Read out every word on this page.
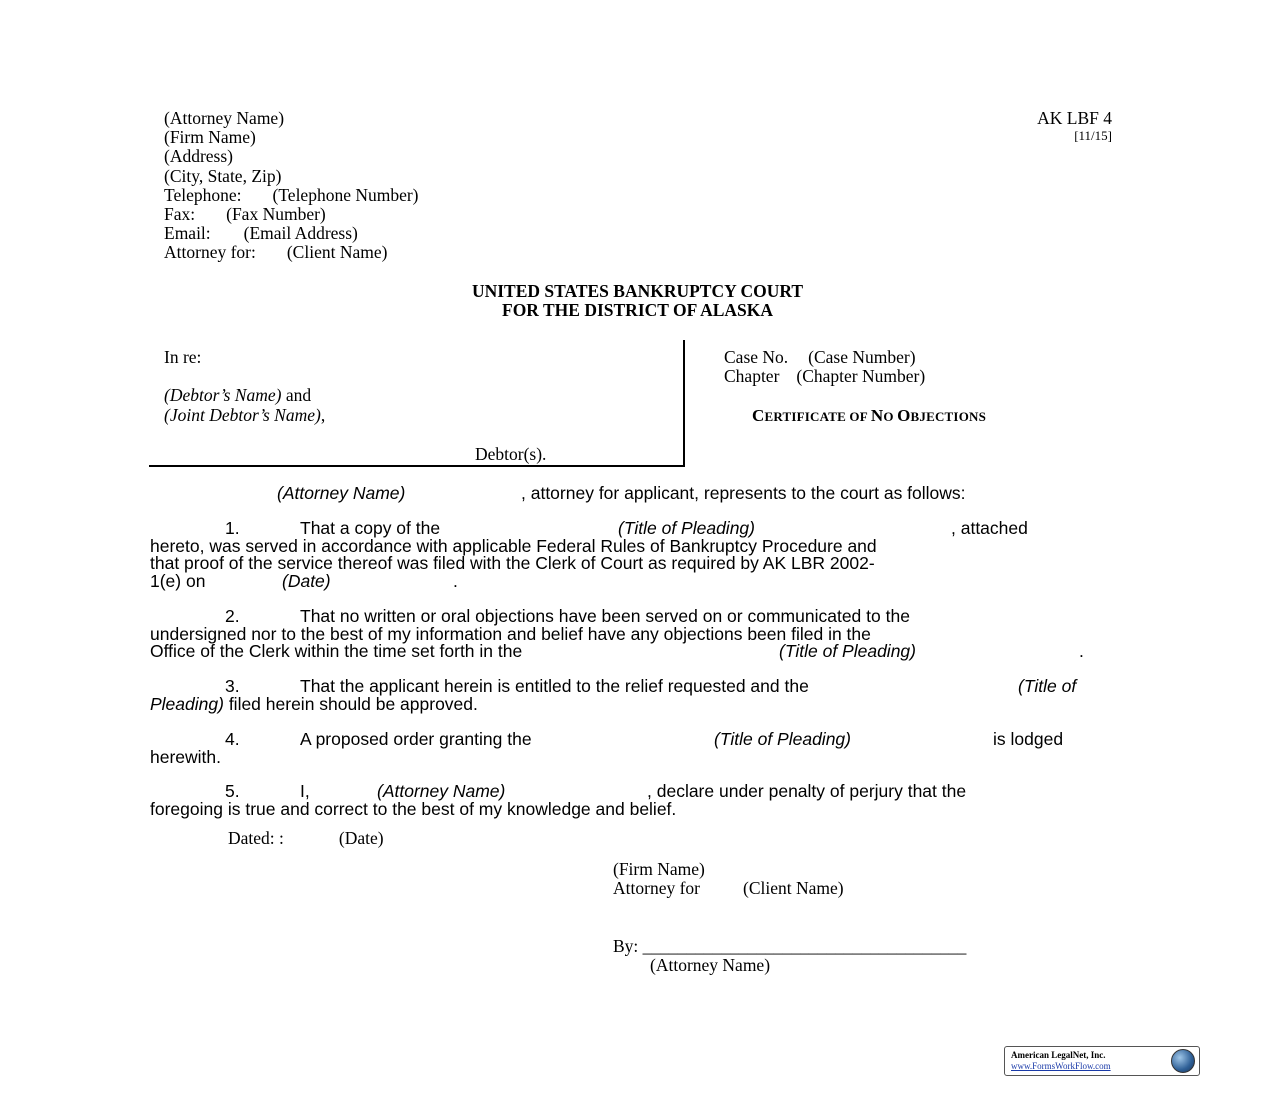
(Attorney Name)
(Firm Name)
(Address)
(City, State, Zip)
Telephone: (Telephone Number)
Fax: (Fax Number)
Email: (Email Address)
Attorney for: (Client Name)
AK LBF 4
[11/15]
UNITED STATES BANKRUPTCY COURT
FOR THE DISTRICT OF ALASKA
In re:
(Debtor’s Name) and
(Joint Debtor’s Name),
Debtor(s).
Case No. (Case Number)
Chapter (Chapter Number)
CERTIFICATE OF NO OBJECTIONS
(Attorney Name)	, attorney for applicant, represents to the court as follows:
1.	That a copy of the	(Title of Pleading)	, attached
hereto, was served in accordance with applicable Federal Rules of Bankruptcy Procedure and
that proof of the service thereof was filed with the Clerk of Court as required by AK LBR 2002-
1(e) on	(Date)	.
2.	That no written or oral objections have been served on or communicated to the
undersigned nor to the best of my information and belief have any objections been filed in the
Office of the Clerk within the time set forth in the	(Title of Pleading)	.
3.	That the applicant herein is entitled to the relief requested and the	(Title of
Pleading) filed herein should be approved.
4.	A proposed order granting the	(Title of Pleading)	is lodged
herewith.
5.	I,	(Attorney Name)	, declare under penalty of perjury that the
foregoing is true and correct to the best of my knowledge and belief.
Dated: :	(Date)
(Firm Name)
Attorney for (Client Name)
By: _____________________________________
(Attorney Name)
American LegalNet, Inc.
www.FormsWorkFlow.com
